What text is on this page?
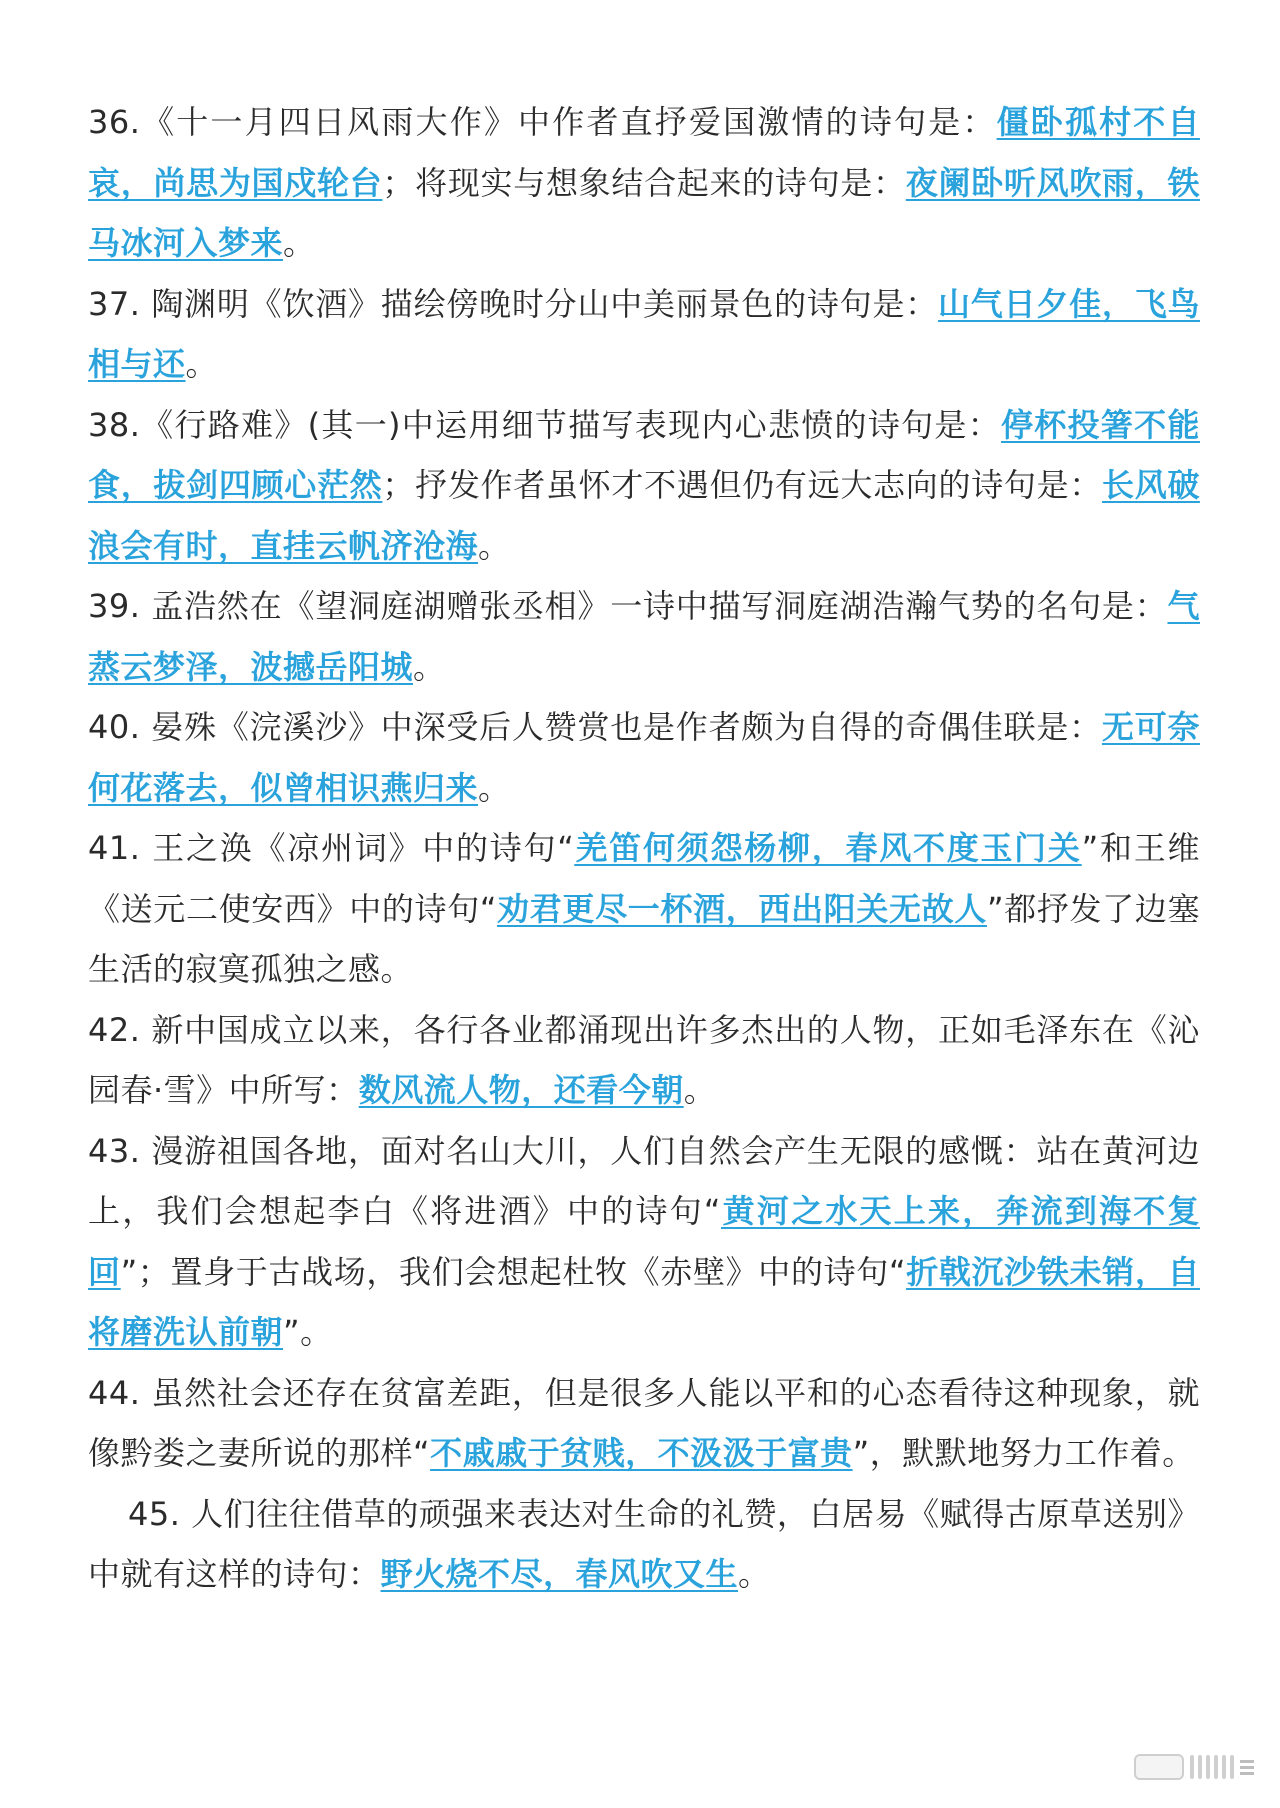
36.《十一月四日风雨大作》中作者直抒爱国激情的诗句是：僵卧孤村不自哀，尚思为国戍轮台；将现实与想象结合起来的诗句是：夜阑卧听风吹雨，铁马冰河入梦来。

37. 陶渊明《饮酒》描绘傍晚时分山中美丽景色的诗句是：山气日夕佳，飞鸟相与还。

38.《行路难》(其一)中运用细节描写表现内心悲愤的诗句是：停杯投箸不能食，拔剑四顾心茫然；抒发作者虽怀才不遇但仍有远大志向的诗句是：长风破浪会有时，直挂云帆济沧海。

39. 孟浩然在《望洞庭湖赠张丞相》一诗中描写洞庭湖浩瀚气势的名句是：气蒸云梦泽，波撼岳阳城。

40. 晏殊《浣溪沙》中深受后人赞赏也是作者颇为自得的奇偶佳联是：无可奈何花落去，似曾相识燕归来。

41. 王之涣《凉州词》中的诗句“羌笛何须怨杨柳，春风不度玉门关”和王维《送元二使安西》中的诗句“劝君更尽一杯酒，西出阳关无故人”都抒发了边塞生活的寂寞孤独之感。

42. 新中国成立以来，各行各业都涌现出许多杰出的人物，正如毛泽东在《沁园春·雪》中所写：数风流人物，还看今朝。

43. 漫游祖国各地，面对名山大川，人们自然会产生无限的感慨：站在黄河边上，我们会想起李白《将进酒》中的诗句“黄河之水天上来，奔流到海不复回”；置身于古战场，我们会想起杜牧《赤壁》中的诗句“折戟沉沙铁未销，自将磨洗认前朝”。

44. 虽然社会还存在贫富差距，但是很多人能以平和的心态看待这种现象，就像黔娄之妻所说的那样“不戚戚于贫贱，不汲汲于富贵”，默默地努力工作着。

45. 人们往往借草的顽强来表达对生命的礼赞，白居易《赋得古原草送别》中就有这样的诗句：野火烧不尽，春风吹又生。
